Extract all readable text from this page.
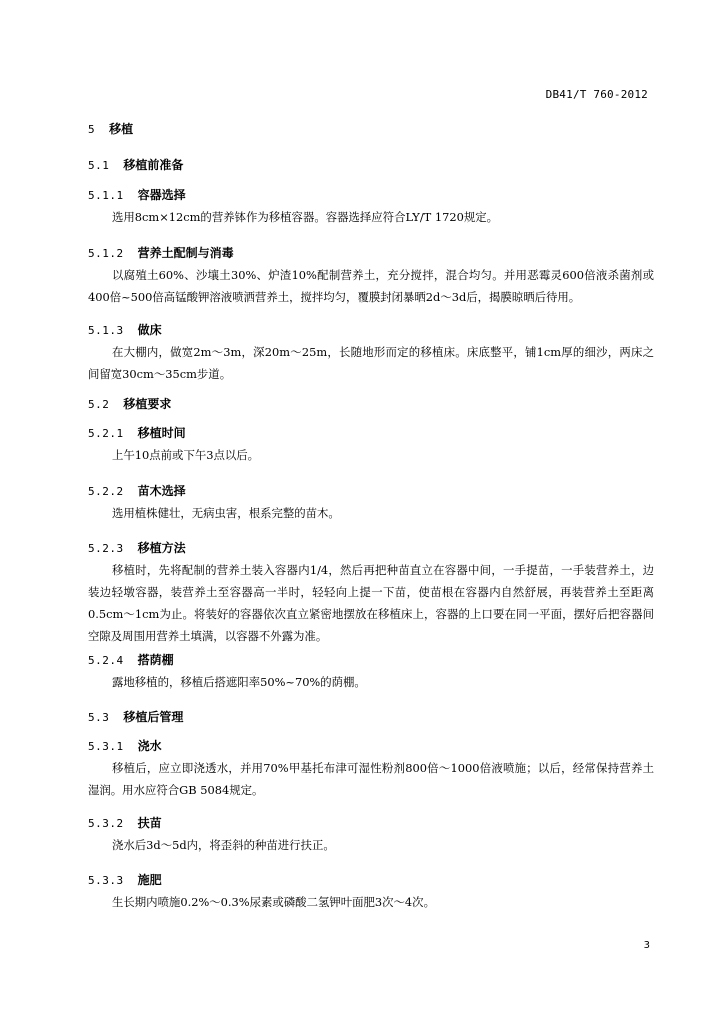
DB41/T 760-2012
5 移植
5.1 移植前准备
5.1.1 容器选择

选用8cm×12cm的营养钵作为移植容器。容器选择应符合LY/T 1720规定。

5.1.2 营养土配制与消毒

以腐殖土60%、沙壤土30%、炉渣10%配制营养土，充分搅拌，混合均匀。并用恶霉灵600倍液杀菌剂或400倍~500倍高锰酸钾溶液喷洒营养土，搅拌均匀，覆膜封闭暴晒2d～3d后，揭膜晾晒后待用。

5.1.3 做床

在大棚内，做宽2m～3m，深20m～25m，长随地形而定的移植床。床底整平，铺1cm厚的细沙，两床之间留宽30cm～35cm步道。

5.2 移植要求
5.2.1 移植时间

上午10点前或下午3点以后。

5.2.2 苗木选择

选用植株健壮，无病虫害，根系完整的苗木。

5.2.3 移植方法

移植时，先将配制的营养土装入容器内1/4，然后再把种苗直立在容器中间，一手提苗，一手装营养土，边装边轻墩容器，装营养土至容器高一半时，轻轻向上提一下苗，使苗根在容器内自然舒展，再装营养土至距离0.5cm～1cm为止。将装好的容器依次直立紧密地摆放在移植床上，容器的上口要在同一平面，摆好后把容器间空隙及周围用营养土填满，以容器不外露为准。

5.2.4 搭荫棚

露地移植的，移植后搭遮阳率50%~70%的荫棚。

5.3 移植后管理
5.3.1 浇水

移植后，应立即浇透水，并用70%甲基托布津可湿性粉剂800倍～1000倍液喷施；以后，经常保持营养土湿润。用水应符合GB 5084规定。

5.3.2 扶苗

浇水后3d～5d内，将歪斜的种苗进行扶正。

5.3.3 施肥

生长期内喷施0.2%～0.3%尿素或磷酸二氢钾叶面肥3次～4次。

3
